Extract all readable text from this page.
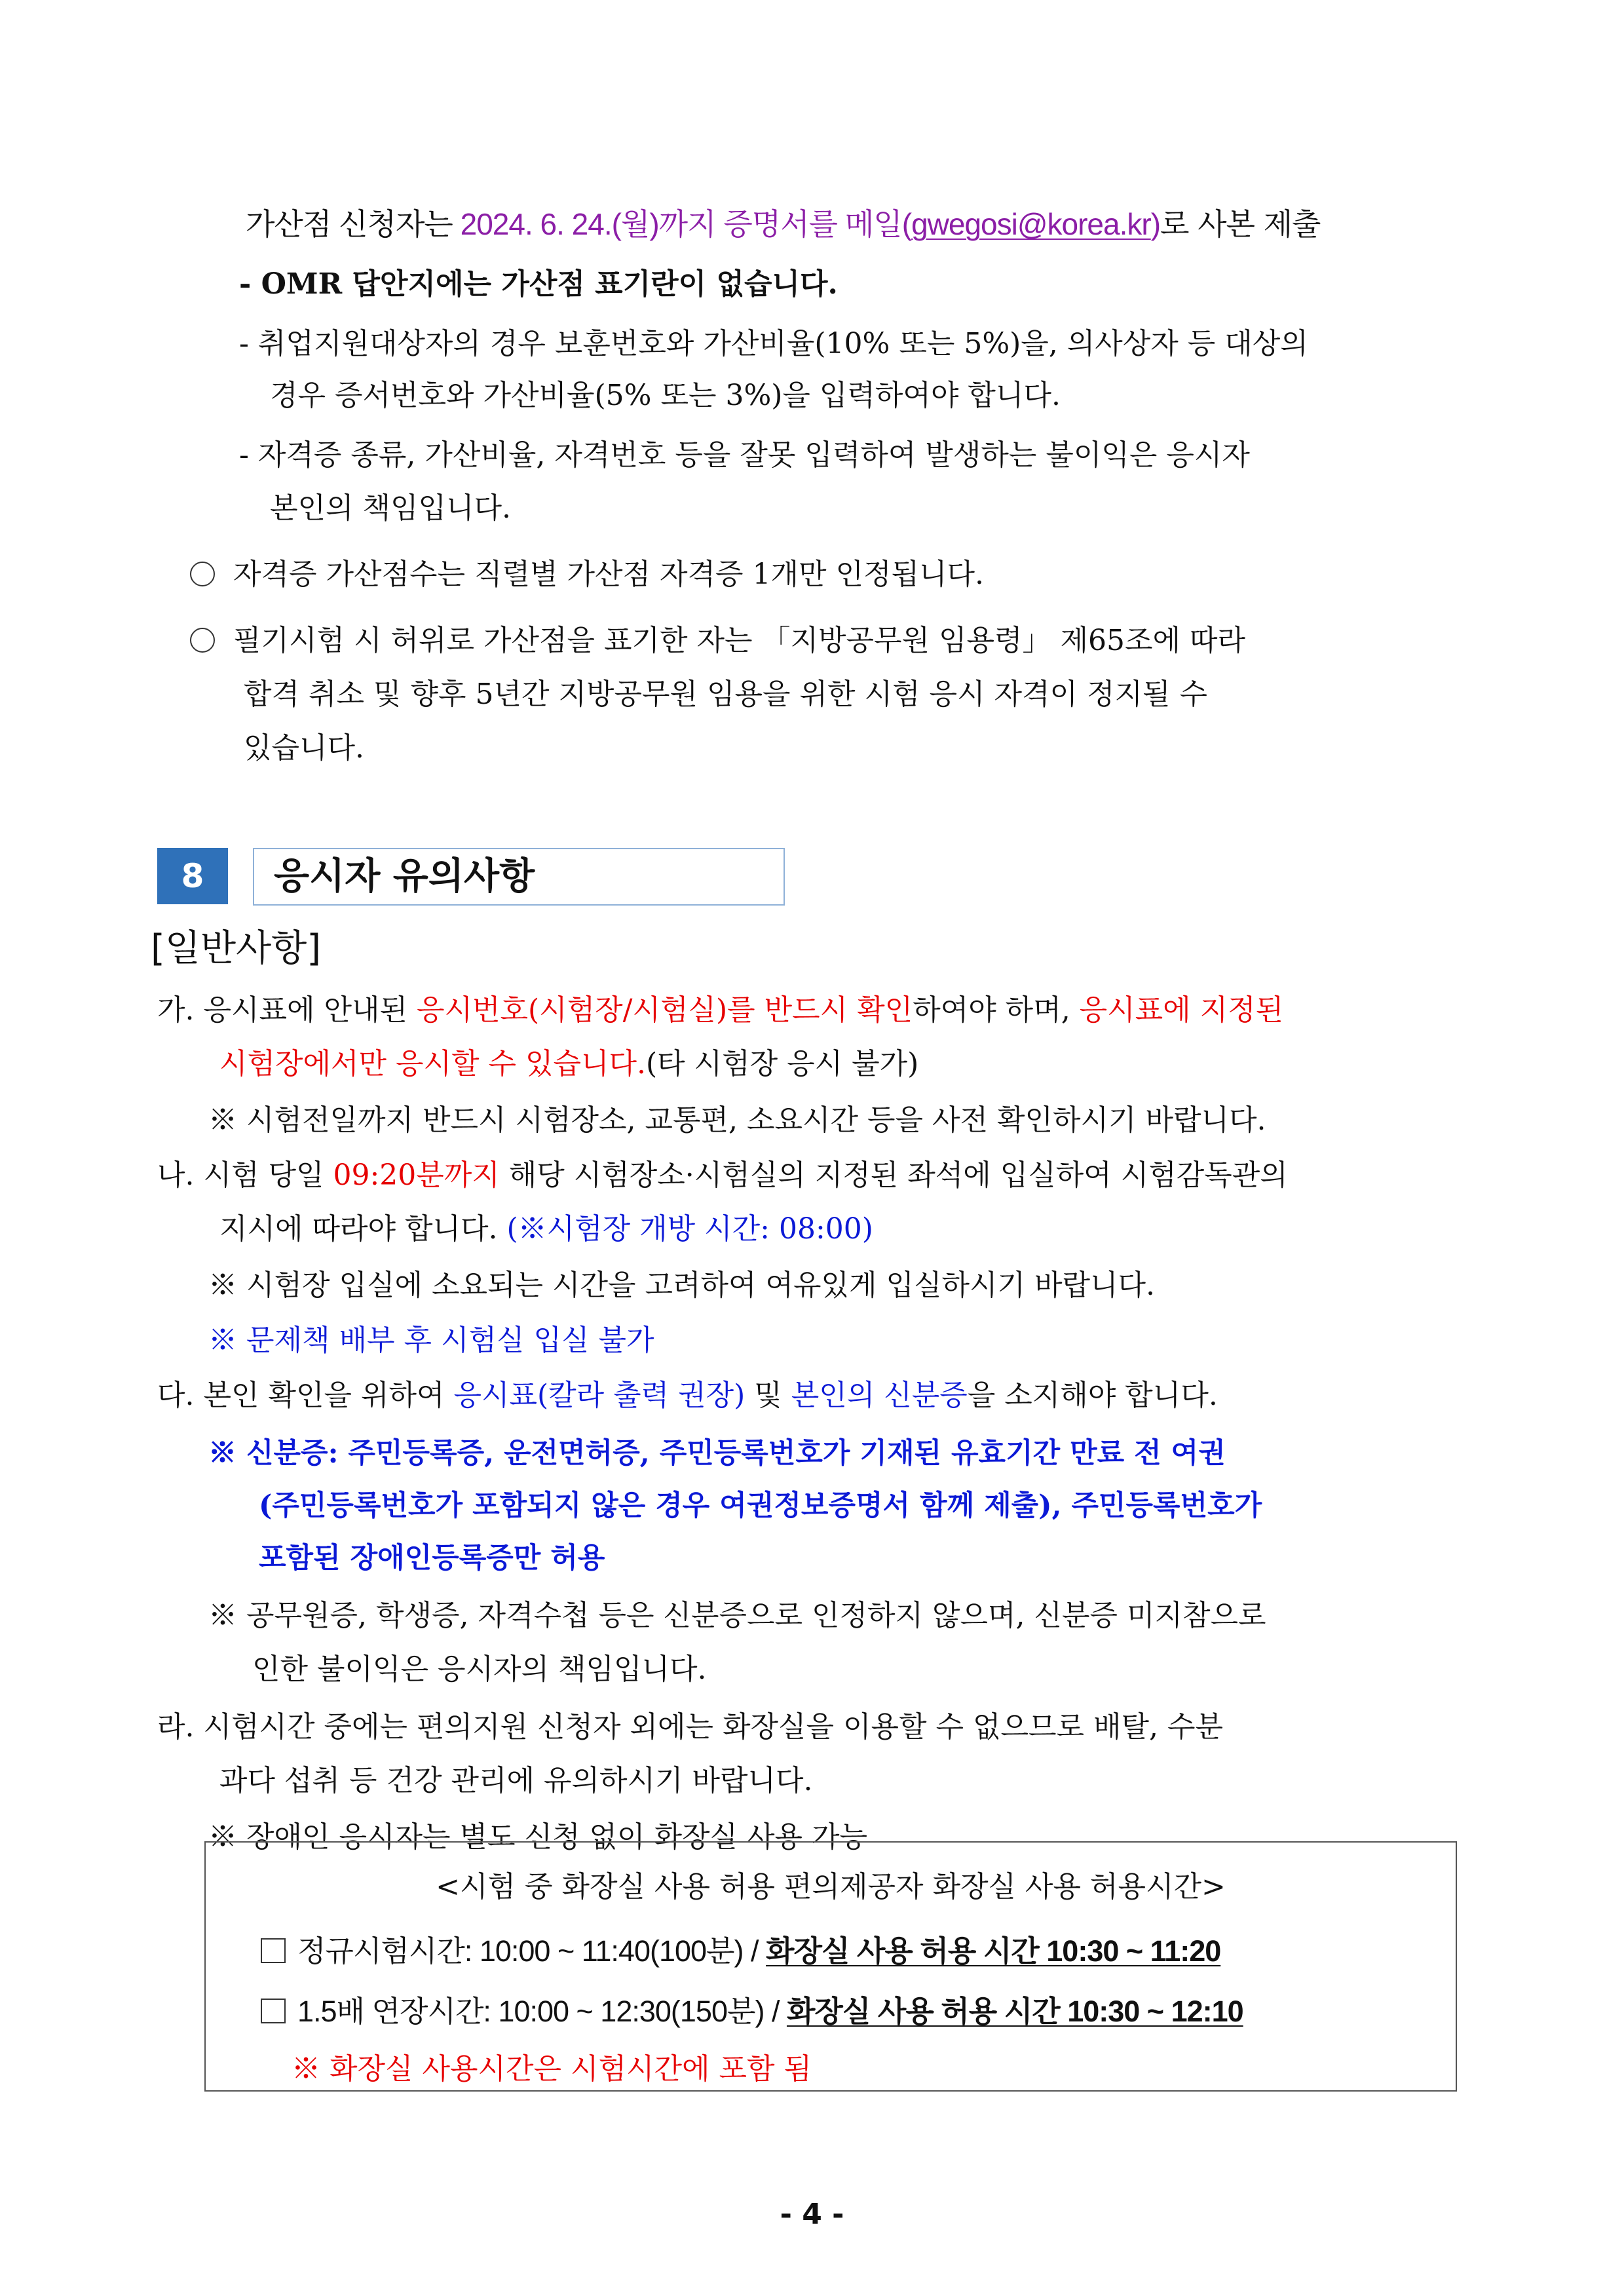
가산점 신청자는 2024. 6. 24.(월)까지 증명서를 메일(gwegosi@korea.kr)로 사본 제출
- OMR 답안지에는 가산점 표기란이 없습니다.
- 취업지원대상자의 경우 보훈번호와 가산비율(10% 또는 5%)을, 의사상자 등 대상의
경우 증서번호와 가산비율(5% 또는 3%)을 입력하여야 합니다.
- 자격증 종류, 가산비율, 자격번호 등을 잘못 입력하여 발생하는 불이익은 응시자
본인의 책임입니다.
자격증 가산점수는 직렬별 가산점 자격증 1개만 인정됩니다.
필기시험 시 허위로 가산점을 표기한 자는 「지방공무원 임용령」 제65조에 따라
합격 취소 및 향후 5년간 지방공무원 임용을 위한 시험 응시 자격이 정지될 수
있습니다.
8	응시자 유의사항
[일반사항]
가. 응시표에 안내된 응시번호(시험장/시험실)를 반드시 확인하여야 하며, 응시표에 지정된
시험장에서만 응시할 수 있습니다.(타 시험장 응시 불가)
※ 시험전일까지 반드시 시험장소, 교통편, 소요시간 등을 사전 확인하시기 바랍니다.
나. 시험 당일 09:20분까지 해당 시험장소·시험실의 지정된 좌석에 입실하여 시험감독관의
지시에 따라야 합니다. (※시험장 개방 시간: 08:00)
※ 시험장 입실에 소요되는 시간을 고려하여 여유있게 입실하시기 바랍니다.
※ 문제책 배부 후 시험실 입실 불가
다. 본인 확인을 위하여 응시표(칼라 출력 권장) 및 본인의 신분증을 소지해야 합니다.
※ 신분증: 주민등록증, 운전면허증, 주민등록번호가 기재된 유효기간 만료 전 여권
(주민등록번호가 포함되지 않은 경우 여권정보증명서 함께 제출), 주민등록번호가
포함된 장애인등록증만 허용
※ 공무원증, 학생증, 자격수첩 등은 신분증으로 인정하지 않으며, 신분증 미지참으로
인한 불이익은 응시자의 책임입니다.
라. 시험시간 중에는 편의지원 신청자 외에는 화장실을 이용할 수 없으므로 배탈, 수분
과다 섭취 등 건강 관리에 유의하시기 바랍니다.
※ 장애인 응시자는 별도 신청 없이 화장실 사용 가능
<시험 중 화장실 사용 허용 편의제공자 화장실 사용 허용시간>
정규시험시간: 10:00 ~ 11:40(100분) / 화장실 사용 허용 시간 10:30 ~ 11:20
1.5배 연장시간: 10:00 ~ 12:30(150분) / 화장실 사용 허용 시간 10:30 ~ 12:10
※ 화장실 사용시간은 시험시간에 포함 됨
- 4 -
